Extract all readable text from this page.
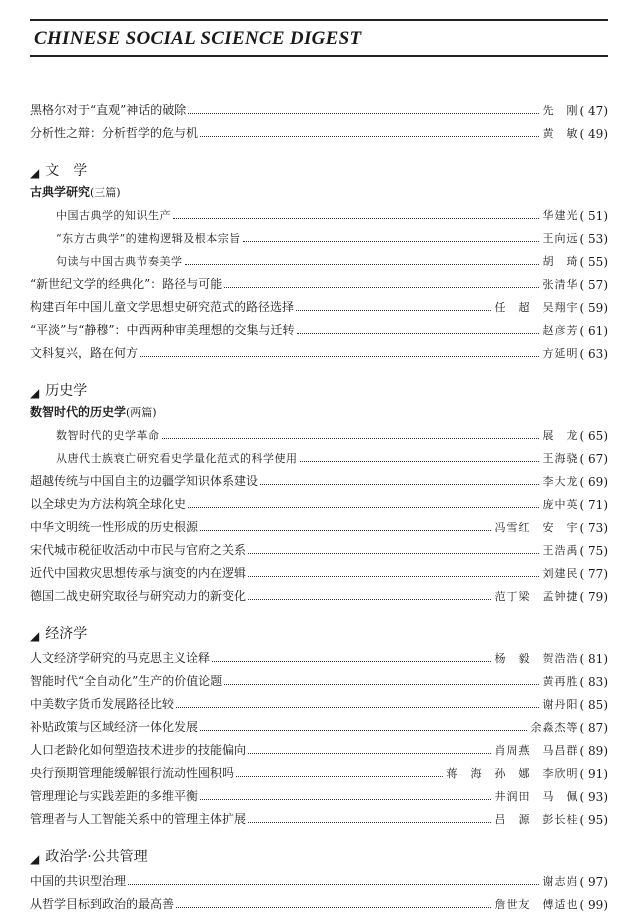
CHINESE SOCIAL SCIENCE DIGEST
黑格尔对于“直观”神话的破除	先　刚 ( 47)
分析性之辩：分析哲学的危与机	黄　敏 ( 49)
◢ 文　学
古典学研究 (三篇)
中国古典学的知识生产	华建光 ( 51)
“东方古典学”的建构逻辑及根本宗旨	王向远 ( 53)
句读与中国古典节奏美学	胡　琦 ( 55)
“新世纪文学的经典化”：路径与可能	张清华 ( 57)
构建百年中国儿童文学思想史研究范式的路径选择	任　超　吴翔宇 ( 59)
“平淡”与“静穆”：中西两种审美理想的交集与迁转	赵彦芳 ( 61)
文科复兴，路在何方	方延明 ( 63)
◢ 历史学
数智时代的历史学 (两篇)
数智时代的史学革命	展　龙 ( 65)
从唐代士族衰亡研究看史学量化范式的科学使用	王海骁 ( 67)
超越传统与中国自主的边疆学知识体系建设	李大龙 ( 69)
以全球史为方法构筑全球化史	庞中英 ( 71)
中华文明统一性形成的历史根源	冯雪红　安　宇 ( 73)
宋代城市税征收活动中市民与官府之关系	王浩禹 ( 75)
近代中国救灾思想传承与演变的内在逻辑	刘建民 ( 77)
德国二战史研究取径与研究动力的新变化	范丁梁　孟钟捷 ( 79)
◢ 经济学
人文经济学研究的马克思主义诠释	杨　毅　贺浩浩 ( 81)
智能时代“全自动化”生产的价值论题	黄再胜 ( 83)
中美数字货币发展路径比较	谢丹阳 ( 85)
补贴政策与区域经济一体化发展	余淼杰等 ( 87)
人口老龄化如何塑造技术进步的技能偏向	肖周燕　马昌群 ( 89)
央行预期管理能缓解银行流动性囤积吗	蒋　海　孙　娜　李欣明 ( 91)
管理理论与实践差距的多维平衡	井润田　马　佩 ( 93)
管理者与人工智能关系中的管理主体扩展	吕　源　彭长桂 ( 95)
◢ 政治学·公共管理
中国的共识型治理	谢志岿 ( 97)
从哲学目标到政治的最高善	詹世友　傅适也 ( 99)
